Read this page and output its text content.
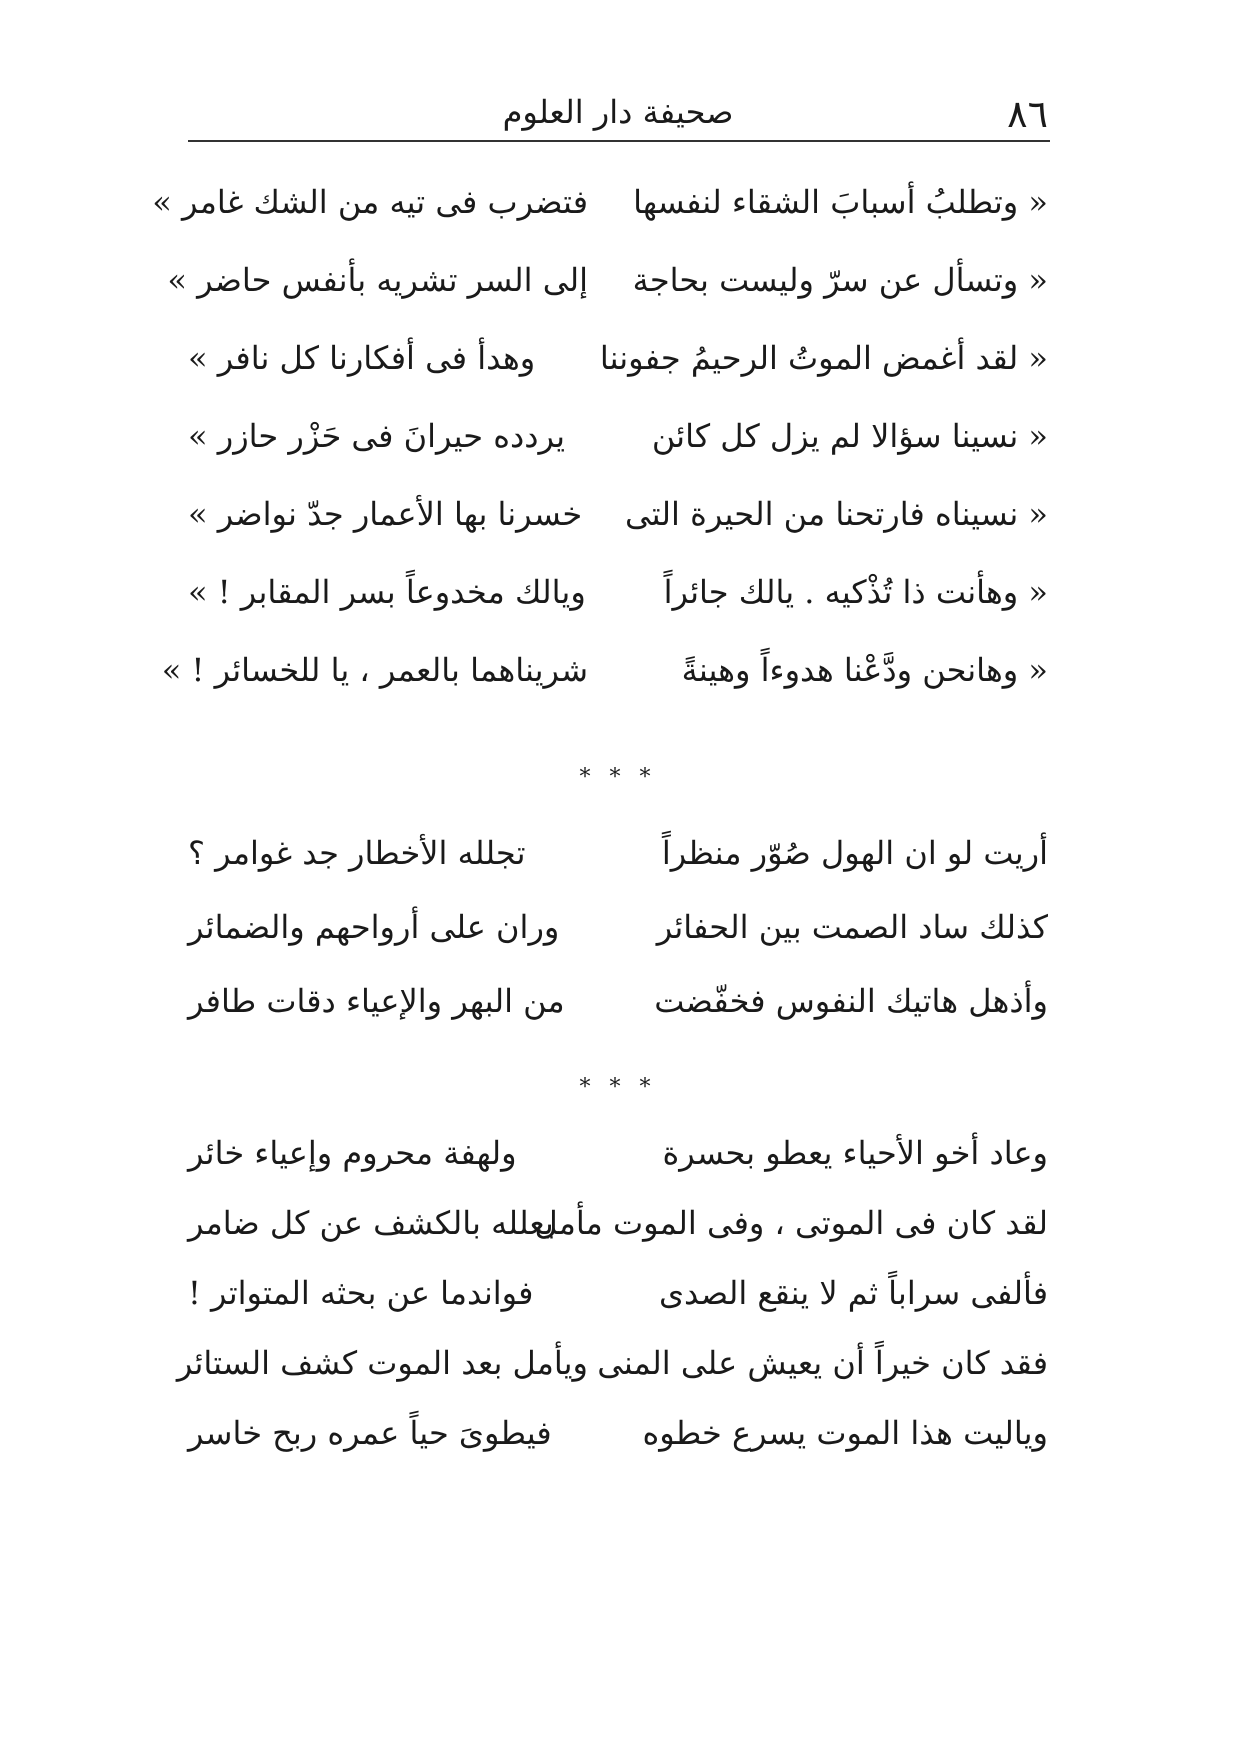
٨٦
صحيفة دار العلوم
« وتطلبُ أسبابَ الشقاء لنفسها
فتضرب فى تيه من الشك غامر »
« وتسأل عن سرّ وليست بحاجة
إلى السر تشريه بأنفس حاضر »
« لقد أغمض الموتُ الرحيمُ جفوننا
وهدأ فى أفكارنا كل نافر »
« نسينا سؤالا لم يزل كل كائن
يردده حيرانَ فى حَزْر حازر »
« نسيناه فارتحنا من الحيرة التى
خسرنا بها الأعمار جدّ نواضر »
« وهأنت ذا تُذْكيه . يالك جائراً
ويالك مخدوعاً بسر المقابر ! »
« وهانحن ودَّعْنا هدوءاً وهينةً
شريناهما بالعمر ، يا للخسائر ! »
* * *
أريت لو ان الهول صُوّر منظراً
تجلله الأخطار جد غوامر ؟
كذلك ساد الصمت بين الحفائر
وران على أرواحهم والضمائر
وأذهل هاتيك النفوس فخفّضت
من البهر والإعياء دقات طافر
* * *
وعاد أخو الأحياء يعطو بحسرة
ولهفة محروم وإعياء خائر
لقد كان فى الموتى ، وفى الموت مأمل
يعلله بالكشف عن كل ضامر
فألفى سراباً ثم لا ينقع الصدى
فواندما عن بحثه المتواتر !
فقد كان خيراً أن يعيش على المنى
ويأمل بعد الموت كشف الستائر
وياليت هذا الموت يسرع خطوه
فيطوىَ حياً عمره ربح خاسر
